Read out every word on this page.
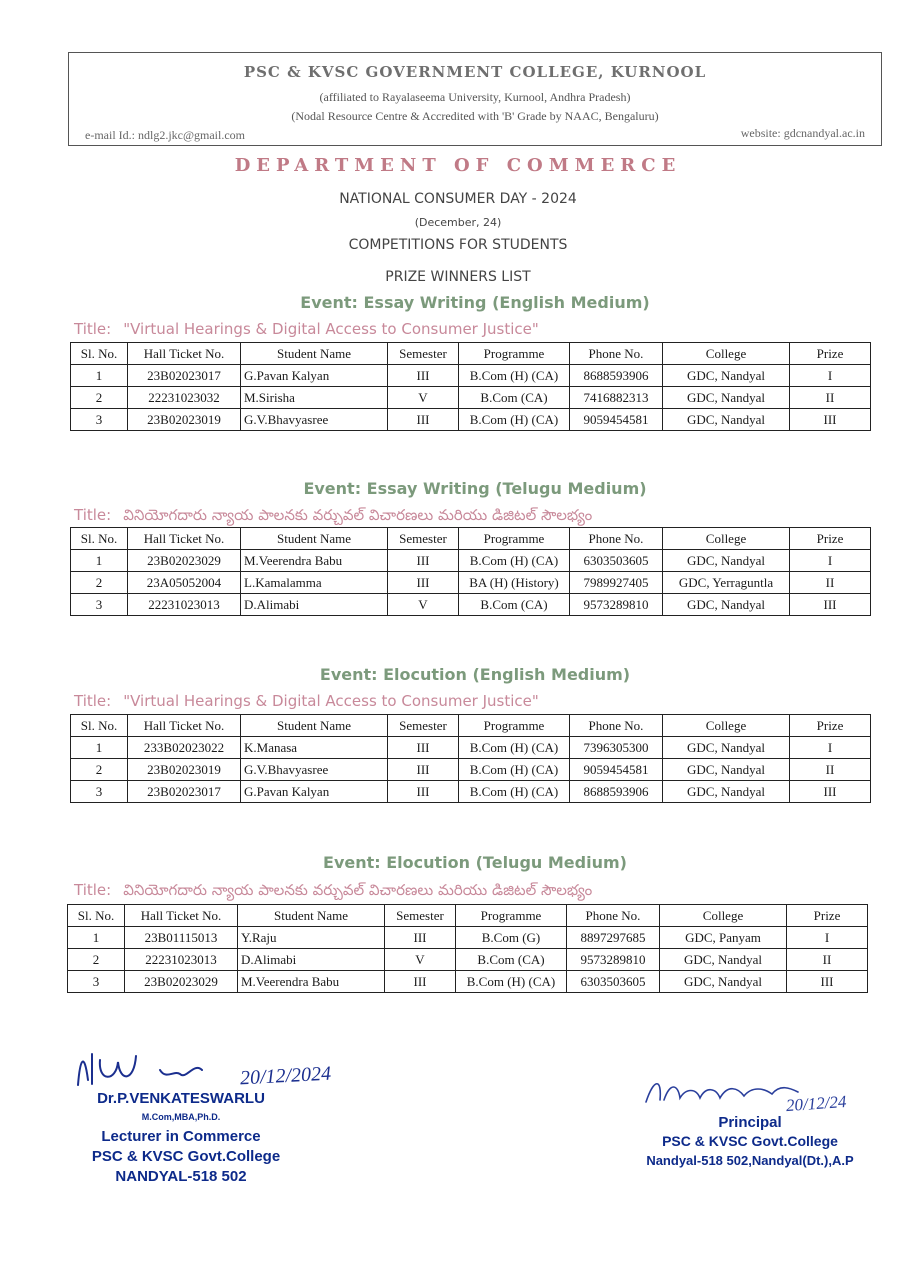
PSC & KVSC GOVERNMENT COLLEGE, KURNOOL
(affiliated to Rayalaseema University, Kurnool, Andhra Pradesh)
(Nodal Resource Centre & Accredited with 'B' Grade by NAAC, Bengaluru)
e-mail Id.: ndlg2.jkc@gmail.com	website: gdcnandyal.ac.in
DEPARTMENT OF COMMERCE
NATIONAL CONSUMER DAY - 2024
(December, 24)
COMPETITIONS FOR STUDENTS
PRIZE WINNERS LIST
Event: Essay Writing (English Medium)
Title: "Virtual Hearings & Digital Access to Consumer Justice"
Sl. No.	Hall Ticket No.	Student Name	Semester	Programme	Phone No.	College	Prize
1	23B02023017	G.Pavan Kalyan	III	B.Com (H) (CA)	8688593906	GDC, Nandyal	I
2	22231023032	M.Sirisha	V	B.Com (CA)	7416882313	GDC, Nandyal	II
3	23B02023019	G.V.Bhavyasree	III	B.Com (H) (CA)	9059454581	GDC, Nandyal	III
Event: Essay Writing (Telugu Medium)
Title: వినియోగదారు న్యాయ పాలనకు వర్చువల్ విచారణలు మరియు డిజిటల్ సౌలభ్యం
Sl. No.	Hall Ticket No.	Student Name	Semester	Programme	Phone No.	College	Prize
1	23B02023029	M.Veerendra Babu	III	B.Com (H) (CA)	6303503605	GDC, Nandyal	I
2	23A05052004	L.Kamalamma	III	BA (H) (History)	7989927405	GDC, Yerraguntla	II
3	22231023013	D.Alimabi	V	B.Com (CA)	9573289810	GDC, Nandyal	III
Event: Elocution (English Medium)
Title: "Virtual Hearings & Digital Access to Consumer Justice"
Sl. No.	Hall Ticket No.	Student Name	Semester	Programme	Phone No.	College	Prize
1	233B02023022	K.Manasa	III	B.Com (H) (CA)	7396305300	GDC, Nandyal	I
2	23B02023019	G.V.Bhavyasree	III	B.Com (H) (CA)	9059454581	GDC, Nandyal	II
3	23B02023017	G.Pavan Kalyan	III	B.Com (H) (CA)	8688593906	GDC, Nandyal	III
Event: Elocution (Telugu Medium)
Title: వినియోగదారు న్యాయ పాలనకు వర్చువల్ విచారణలు మరియు డిజిటల్ సౌలభ్యం
Sl. No.	Hall Ticket No.	Student Name	Semester	Programme	Phone No.	College	Prize
1	23B01115013	Y.Raju	III	B.Com (G)	8897297685	GDC, Panyam	I
2	22231023013	D.Alimabi	V	B.Com (CA)	9573289810	GDC, Nandyal	II
3	23B02023029	M.Veerendra Babu	III	B.Com (H) (CA)	6303503605	GDC, Nandyal	III
20/12/2024
Dr.P.VENKATESWARLU
M.Com,MBA,Ph.D.
Lecturer in Commerce
PSC & KVSC Govt.College
NANDYAL-518 502
20/12/24
Principal
PSC & KVSC Govt.College
Nandyal-518 502,Nandyal(Dt.),A.P
